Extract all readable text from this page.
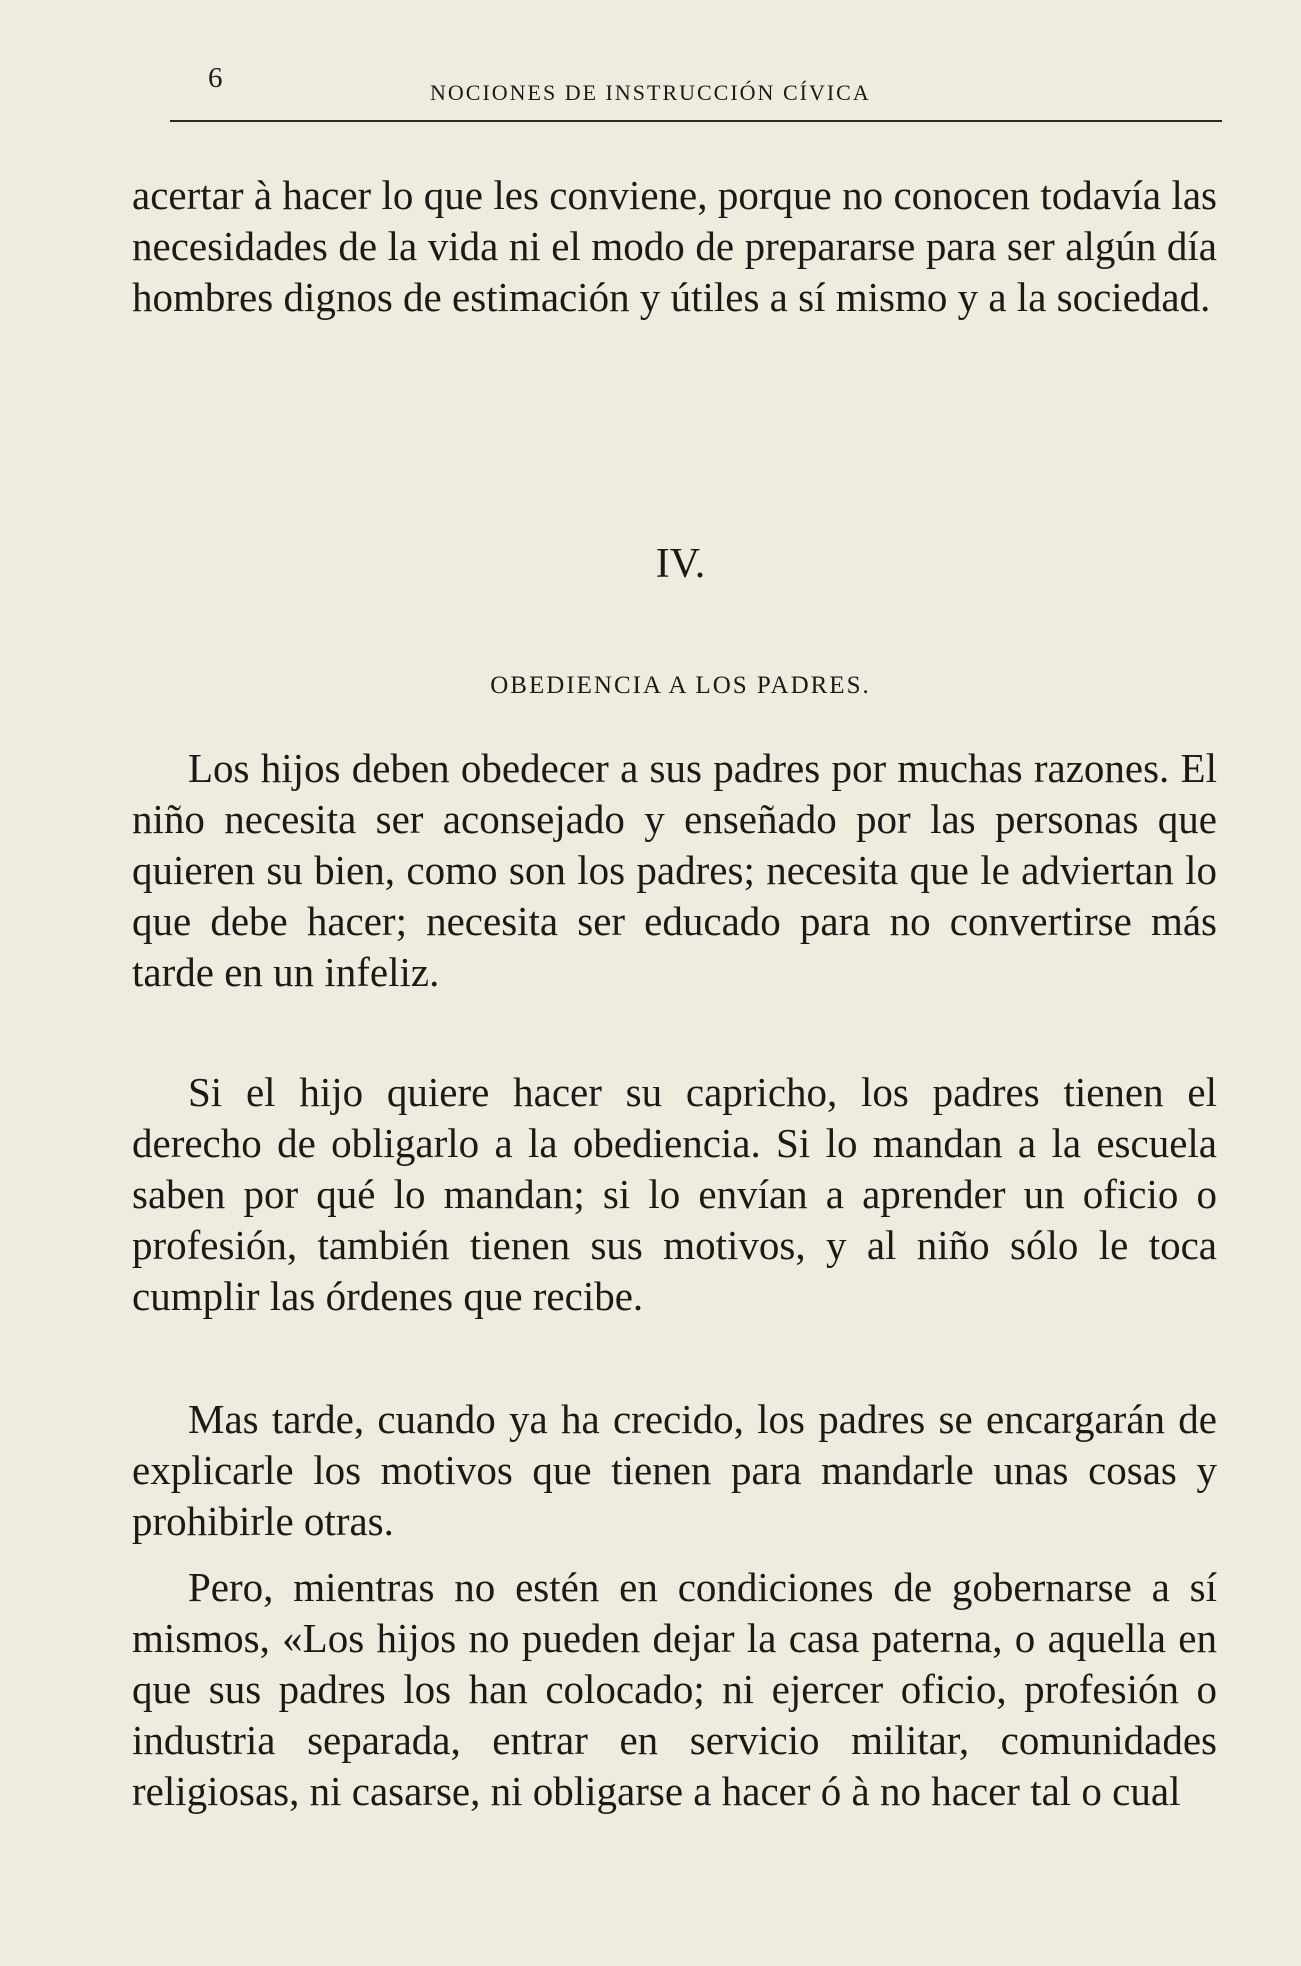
6	NOCIONES DE INSTRUCCIÓN CÍVICA

acertar à hacer lo que les conviene, porque no conocen todavía las necesidades de la vida ni el modo de prepararse para ser algún día hombres dignos de estimación y útiles a sí mismo y a la sociedad.

IV.
OBEDIENCIA A LOS PADRES.

Los hijos deben obedecer a sus padres por muchas razones. El niño necesita ser aconsejado y enseñado por las personas que quieren su bien, como son los padres; necesita que le adviertan lo que debe hacer; necesita ser educado para no convertirse más tarde en un infeliz.

Si el hijo quiere hacer su capricho, los padres tienen el derecho de obligarlo a la obediencia. Si lo mandan a la escuela saben por qué lo mandan; si lo envían a aprender un oficio o profesión, también tienen sus motivos, y al niño sólo le toca cumplir las órdenes que recibe.

Mas tarde, cuando ya ha crecido, los padres se encargarán de explicarle los motivos que tienen para mandarle unas cosas y prohibirle otras.

Pero, mientras no estén en condiciones de gobernarse a sí mismos, «Los hijos no pueden dejar la casa paterna, o aquella en que sus padres los han colocado; ni ejercer oficio, profesión o industria separada, entrar en servicio militar, comunidades religiosas, ni casarse, ni obligarse a hacer ó à no hacer tal o cual
